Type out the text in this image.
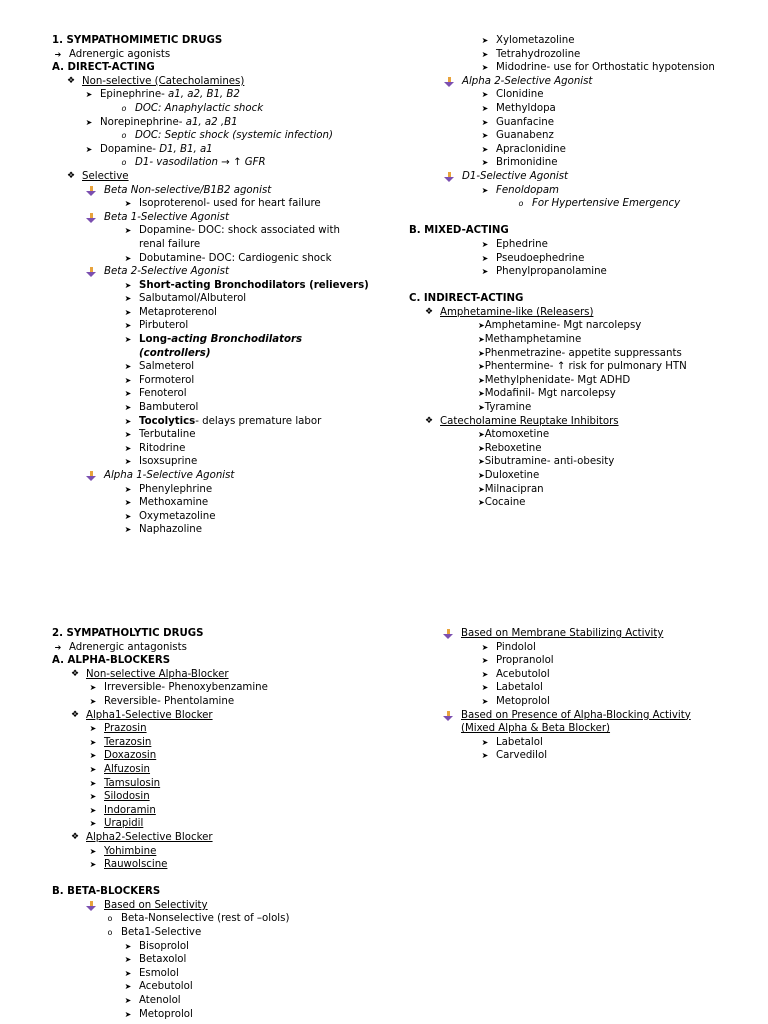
1. SYMPATHOMIMETIC DRUGS
➔ Adrenergic agonists
A. DIRECT-ACTING
❖ Non-selective (Catecholamines)
➤ Epinephrine- a1, a2, B1, B2
o DOC: Anaphylactic shock
➤ Norepinephrine- a1, a2 ,B1
o DOC: Septic shock (systemic infection)
➤ Dopamine- D1, B1, a1
o D1- vasodilation → ↑ GFR
❖ Selective
Beta Non-selective/B1B2 agonist
➤ Isoproterenol- used for heart failure
Beta 1-Selective Agonist
➤ Dopamine- DOC: shock associated with renal failure
➤ Dobutamine- DOC: Cardiogenic shock
Beta 2-Selective Agonist
➤ Short-acting Bronchodilators (relievers)
➤ Salbutamol/Albuterol
➤ Metaproterenol
➤ Pirbuterol
➤ Long-acting Bronchodilators (controllers)
➤ Salmeterol
➤ Formoterol
➤ Fenoterol
➤ Bambuterol
➤ Tocolytics- delays premature labor
➤ Terbutaline
➤ Ritodrine
➤ Isoxsuprine
Alpha 1-Selective Agonist
➤ Phenylephrine
➤ Methoxamine
➤ Oxymetazoline
➤ Naphazoline
➤ Xylometazoline
➤ Tetrahydrozoline
➤ Midodrine- use for Orthostatic hypotension
Alpha 2-Selective Agonist
➤ Clonidine
➤ Methyldopa
➤ Guanfacine
➤ Guanabenz
➤ Apraclonidine
➤ Brimonidine
D1-Selective Agonist
➤ Fenoldopam
o For Hypertensive Emergency
B. MIXED-ACTING
➤ Ephedrine
➤ Pseudoephedrine
➤ Phenylpropanolamine
C. INDIRECT-ACTING
❖ Amphetamine-like (Releasers)
➤Amphetamine- Mgt narcolepsy
➤Methamphetamine
➤Phenmetrazine- appetite suppressants
➤Phentermine- ↑ risk for pulmonary HTN
➤Methylphenidate- Mgt ADHD
➤Modafinil- Mgt narcolepsy
➤Tyramine
❖ Catecholamine Reuptake Inhibitors
➤Atomoxetine
➤Reboxetine
➤Sibutramine- anti-obesity
➤Duloxetine
➤Milnacipran
➤Cocaine
2. SYMPATHOLYTIC DRUGS
➔ Adrenergic antagonists
A. ALPHA-BLOCKERS
❖ Non-selective Alpha-Blocker
➤ Irreversible- Phenoxybenzamine
➤ Reversible- Phentolamine
❖ Alpha1-Selective Blocker
➤ Prazosin
➤ Terazosin
➤ Doxazosin
➤ Alfuzosin
➤ Tamsulosin
➤ Silodosin
➤ Indoramin
➤ Urapidil
❖ Alpha2-Selective Blocker
➤ Yohimbine
➤ Rauwolscine
B. BETA-BLOCKERS
Based on Selectivity
o Beta-Nonselective (rest of –olols)
o Beta1-Selective
➤ Bisoprolol
➤ Betaxolol
➤ Esmolol
➤ Acebutolol
➤ Atenolol
➤ Metoprolol
Based on Membrane Stabilizing Activity
➤ Pindolol
➤ Propranolol
➤ Acebutolol
➤ Labetalol
➤ Metoprolol
Based on Presence of Alpha-Blocking Activity (Mixed Alpha & Beta Blocker)
➤ Labetalol
➤ Carvedilol
